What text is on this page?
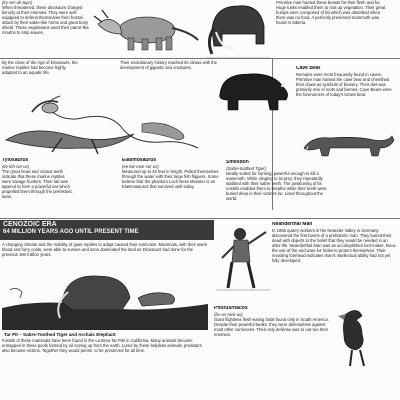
(try-ser-uh-tops)
When threatened, these dinosaurs charged fiercely at their enemies. They were well equipped to defend themselves from frontal attack by their sabre-like horns and great bony shield. These vegetarians used their parrot-like mouths to strip leaves.
Primitive man hunted these beasts for their flesh and fur. Huge tusks enabled them to root up vegetation. Their great humps were composed of fat which was absorbed when there was no food. A perfectly preserved mammoth was found in Siberia.
By the close of the Age of Dinosaurs, the marine reptiles had become highly adapted to an aquatic life.
Their evolutionary history reached its climax with the development of gigantic sea creatures.	Cave Bear
Remains were most frequently found in caves. Primitive man hunted the cave bear and cherished their claws as symbols of bravery. Their diet was primarily one of roots and berries. Cave Bears were the forerunners of today's brown bear.
Tylosaurus
(tie-loh-sor-us)
The great head and vicious teeth indicate that these marine reptiles were savage hunters. Their tail was tapered to form a powerful oar which propelled them through the prehistoric seas.
Elasmosaurus
(ee-laz-moe-sor-us)
Measured up to 40 feet in length. Pulled themselves through the water with their large fish flippers. Some believe that the phantom Loch Ness Monster is an Elasmosaurus that survived until today.
Smilodon
(Sabre-toothed Tiger)
Ideally suited for hunting; powerful enough to kill a mammoth. While clinging to its prey, they repeatedly stabbed with their sabre teeth. The positioning of its nostrils enabled them to breathe while their teeth were buried deep in their victim's fur. Lived throughout the world.
CENOZOIC ERA
64 MILLION YEARS AGO UNTIL PRESENT TIME
A changing climate and the mobility of giant reptiles to adapt caused their extinction. Mammals, with their warm blood and furry coats, were able to survive and soon dominated the land as Dinosaurs had done for the previous 160 million years.
Neanderthal Man
In 1856 quarry workers in the Neander Valley in Germany discovered the first bones of a prehistoric man. They buried their dead with objects to the belief that they would be needed in an after-life. Neanderthal Man was an accomplished tool-maker, knew the use of fire and wore fur hides to protect themselves. Their receding forehead indicates man's intellectual ability had not yet fully developed.
Tar Pit – Sabre-Toothed Tiger and Archaic Elephant
Fossils of these mammals have been found in the La Brea Tar Pits in California. Many animals became entrapped in these pools formed by oil oozing up from the earth. Lured by these helpless animals, predators also became victims. Together they would perish, to be preserved for all time.
Phorusrhacos
(for-us-rack-us)
Giant flightless flesh-eating birds found only in South America. Despite their powerful beaks, they were defenseless against most other carnivores. Their only defense was to out-run their enemies.
